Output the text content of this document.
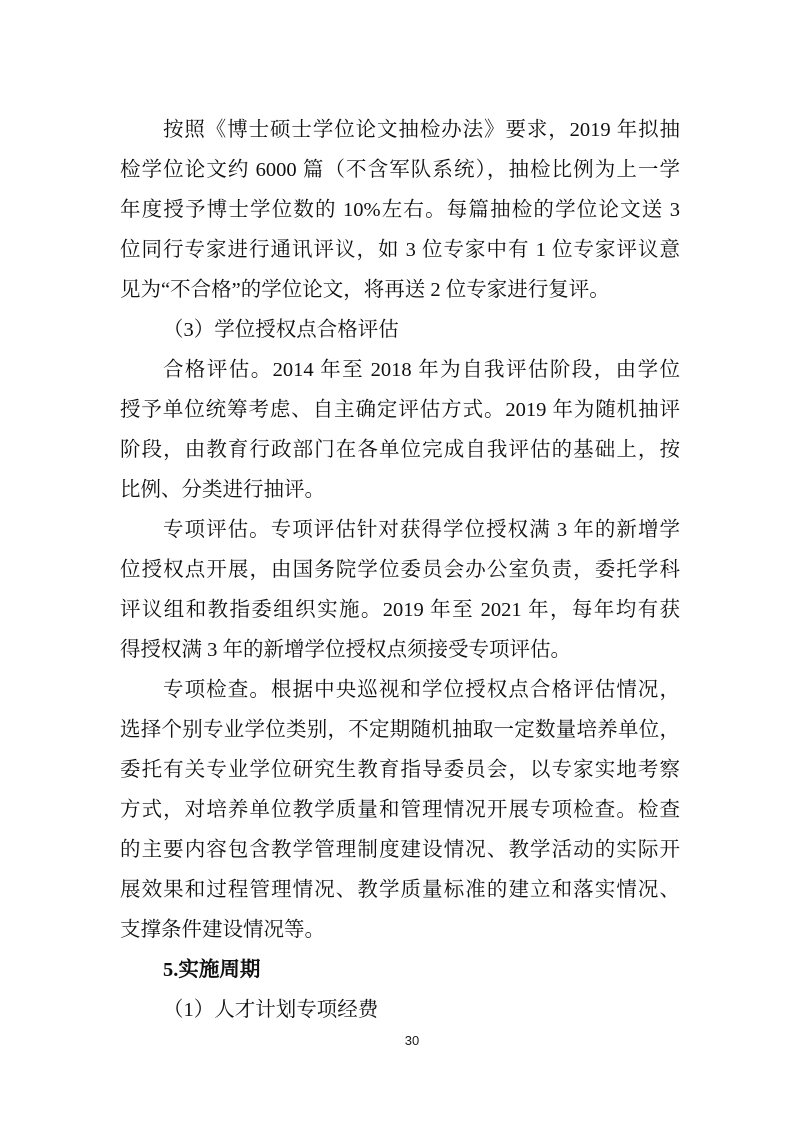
按照《博士硕士学位论文抽检办法》要求，2019 年拟抽
检学位论文约 6000 篇（不含军队系统），抽检比例为上一学
年度授予博士学位数的 10%左右。每篇抽检的学位论文送 3
位同行专家进行通讯评议，如 3 位专家中有 1 位专家评议意
见为“不合格”的学位论文，将再送 2 位专家进行复评。
（3）学位授权点合格评估
合格评估。2014 年至 2018 年为自我评估阶段，由学位
授予单位统筹考虑、自主确定评估方式。2019 年为随机抽评
阶段，由教育行政部门在各单位完成自我评估的基础上，按
比例、分类进行抽评。
专项评估。专项评估针对获得学位授权满 3 年的新增学
位授权点开展，由国务院学位委员会办公室负责，委托学科
评议组和教指委组织实施。2019 年至 2021 年，每年均有获
得授权满 3 年的新增学位授权点须接受专项评估。
专项检查。根据中央巡视和学位授权点合格评估情况，
选择个别专业学位类别，不定期随机抽取一定数量培养单位，
委托有关专业学位研究生教育指导委员会，以专家实地考察
方式，对培养单位教学质量和管理情况开展专项检查。检查
的主要内容包含教学管理制度建设情况、教学活动的实际开
展效果和过程管理情况、教学质量标准的建立和落实情况、
支撑条件建设情况等。
5.实施周期
（1）人才计划专项经费
30
